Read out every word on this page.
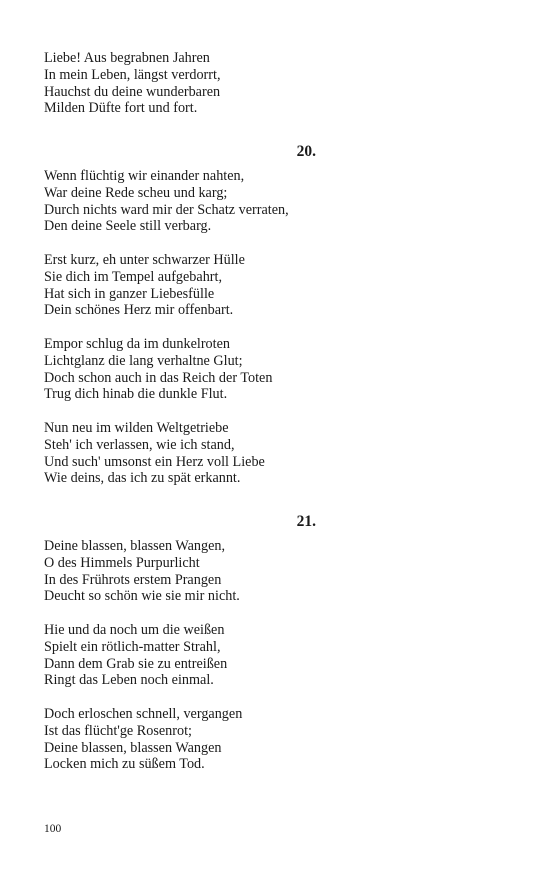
Liebe! Aus begrabnen Jahren
In mein Leben, längst verdorrt,
Hauchst du deine wunderbaren
Milden Düfte fort und fort.
20.
Wenn flüchtig wir einander nahten,
War deine Rede scheu und karg;
Durch nichts ward mir der Schatz verraten,
Den deine Seele still verbarg.
Erst kurz, eh unter schwarzer Hülle
Sie dich im Tempel aufgebahrt,
Hat sich in ganzer Liebesfülle
Dein schönes Herz mir offenbart.
Empor schlug da im dunkelroten
Lichtglanz die lang verhaltne Glut;
Doch schon auch in das Reich der Toten
Trug dich hinab die dunkle Flut.
Nun neu im wilden Weltgetriebe
Steh' ich verlassen, wie ich stand,
Und such' umsonst ein Herz voll Liebe
Wie deins, das ich zu spät erkannt.
21.
Deine blassen, blassen Wangen,
O des Himmels Purpurlicht
In des Frührots erstem Prangen
Deucht so schön wie sie mir nicht.
Hie und da noch um die weißen
Spielt ein rötlich-matter Strahl,
Dann dem Grab sie zu entreißen
Ringt das Leben noch einmal.
Doch erloschen schnell, vergangen
Ist das flücht'ge Rosenrot;
Deine blassen, blassen Wangen
Locken mich zu süßem Tod.
100
